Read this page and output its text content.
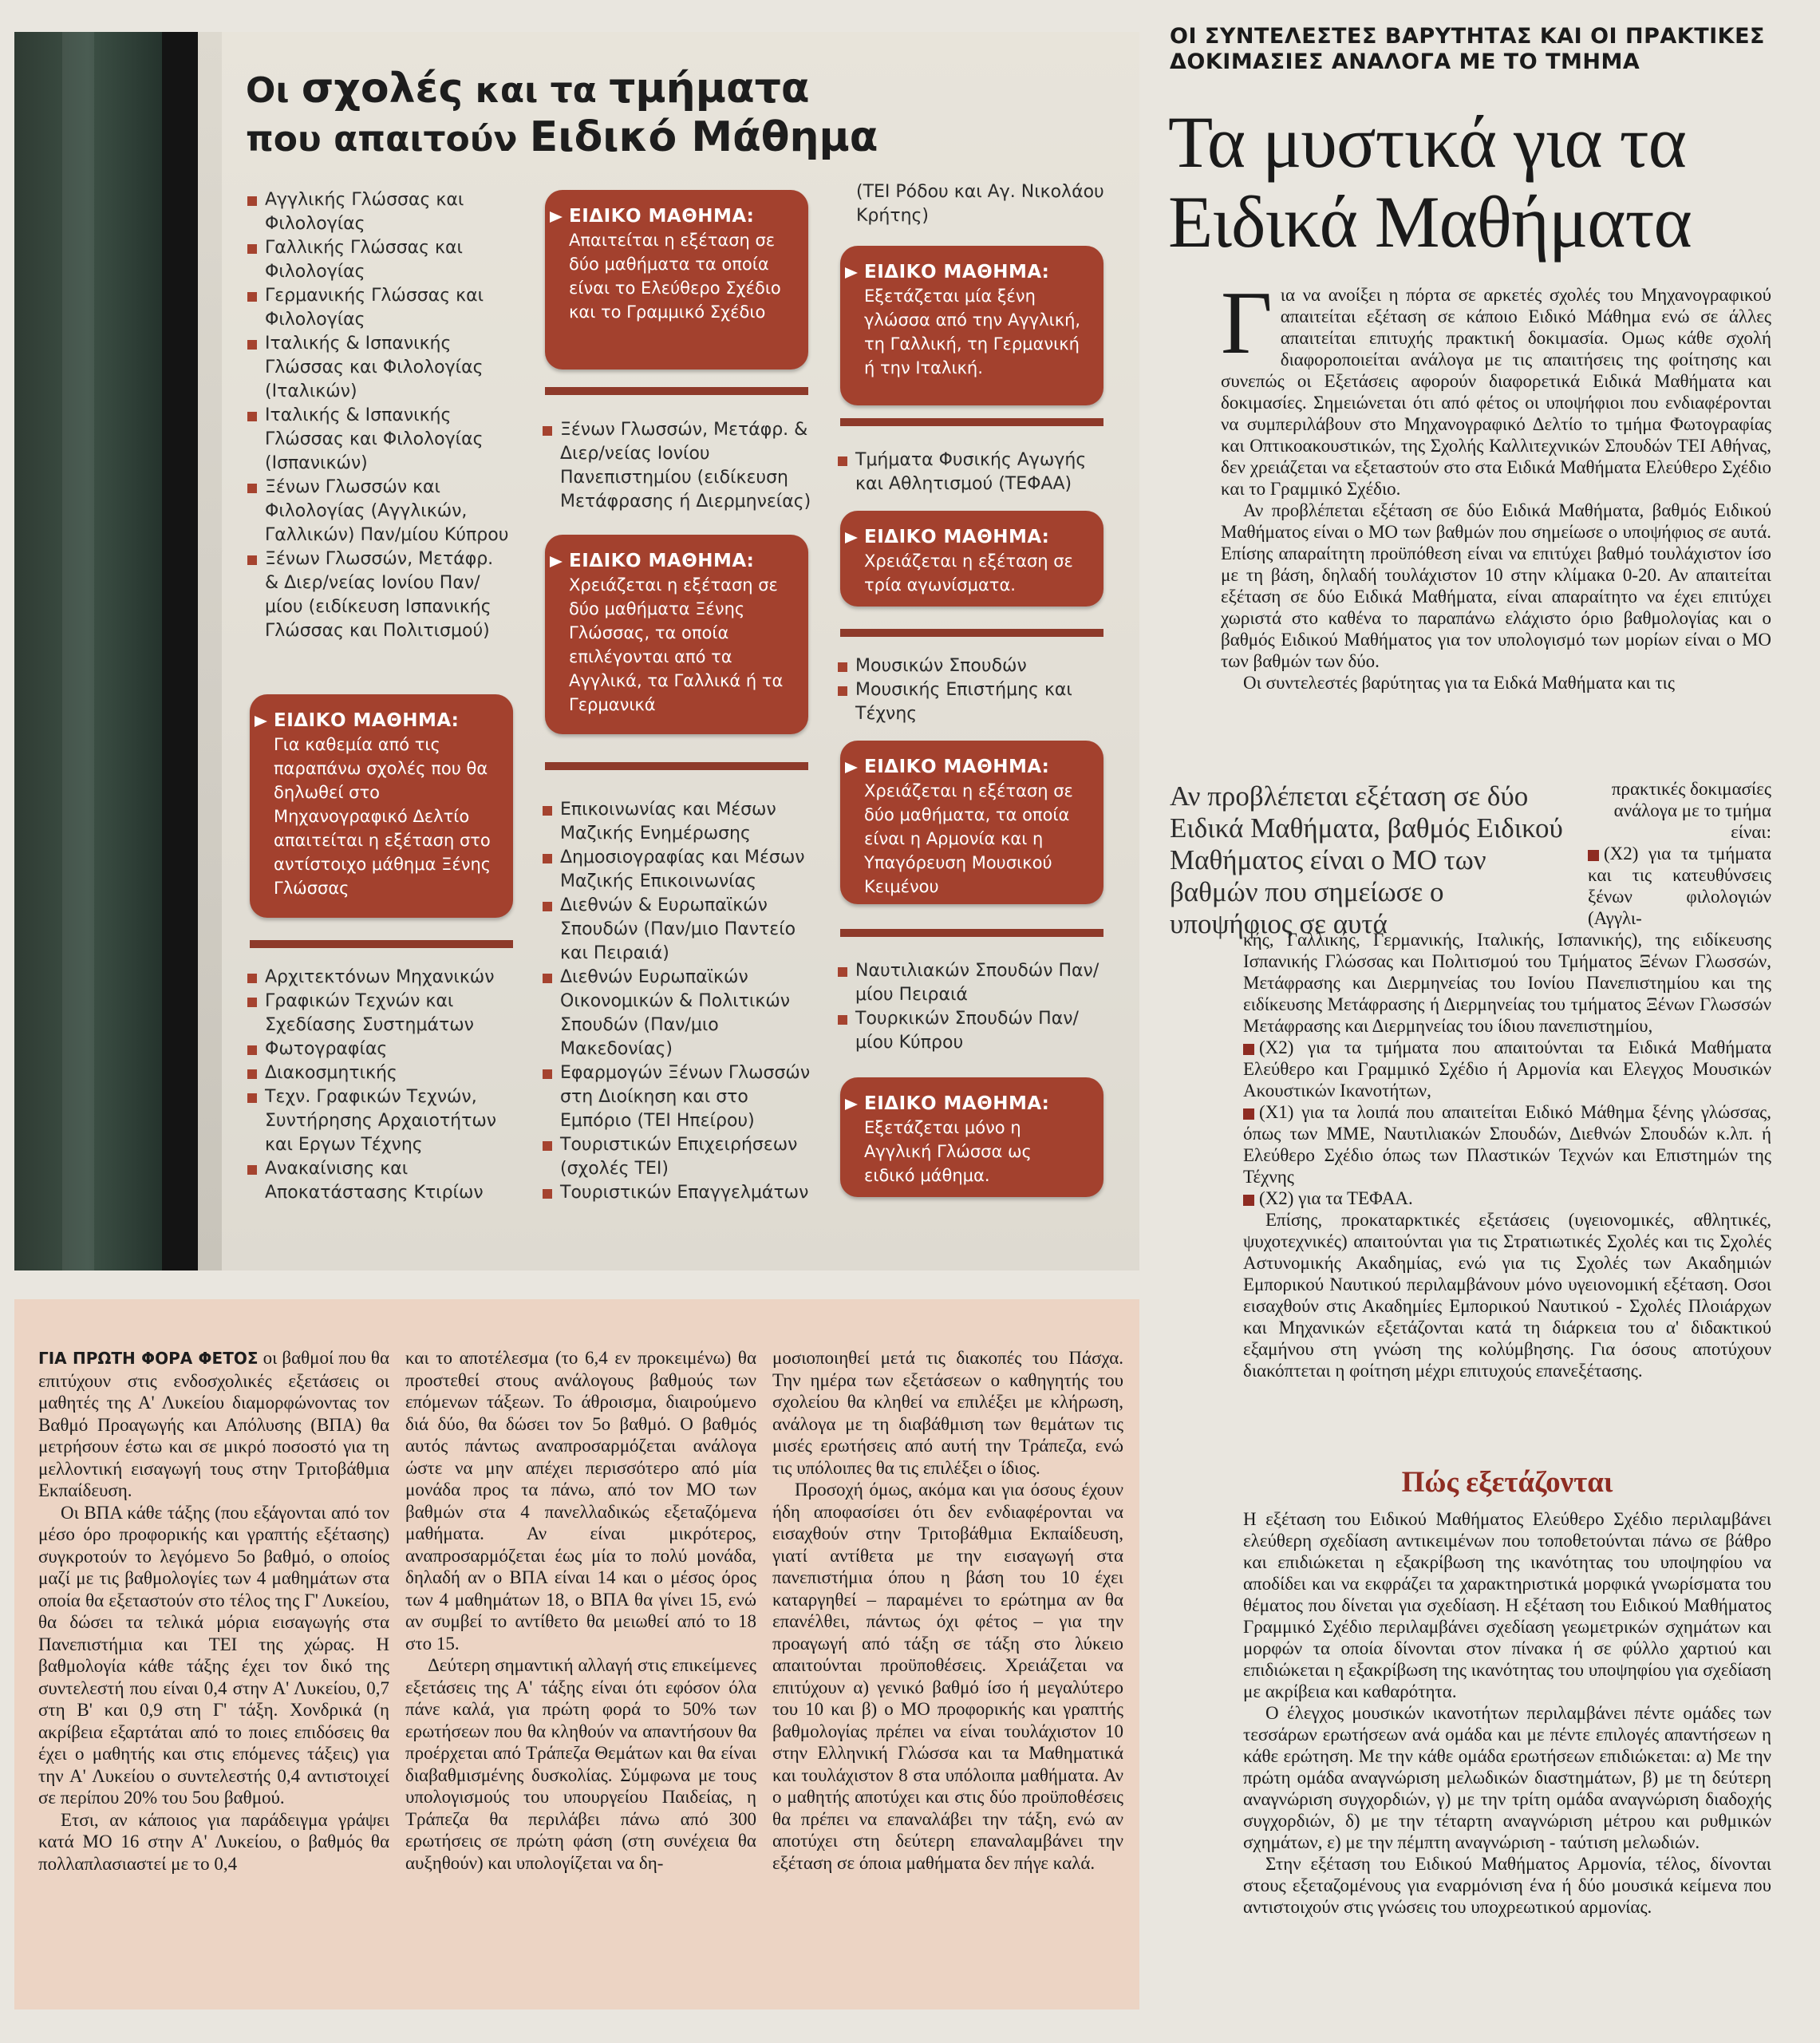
Οι σχολές και τα τμήματα
που απαιτούν Ειδικό Μάθημα

Αγγλικής Γλώσσας και Φιλολογίας

Γαλλικής Γλώσσας και Φιλολογίας

Γερμανικής Γλώσσας και Φιλολογίας

Ιταλικής & Ισπανικής Γλώσσας και Φιλολογίας (Ιταλικών)

Ιταλικής & Ισπανικής Γλώσσας και Φιλολογίας (Ισπανικών)

Ξένων Γλωσσών και Φιλολογίας (Αγγλικών, Γαλλικών) Παν/μίου Κύπρου

Ξένων Γλωσσών, Μετάφρ. & Διερ/νείας Ιονίου Παν/ μίου (ειδίκευση Ισπανικής Γλώσσας και Πολιτισμού)

ΕΙΔΙΚΟ ΜΑΘΗΜΑ:
Για καθεμία από τις παραπάνω σχολές που θα δηλωθεί στο Μηχανογραφικό Δελτίο απαιτείται η εξέταση στο αντίστοιχο μάθημα Ξένης Γλώσσας

Αρχιτεκτόνων Μηχανικών

Γραφικών Τεχνών και Σχεδίασης Συστημάτων

Φωτογραφίας

Διακοσμητικής

Τεχν. Γραφικών Τεχνών, Συντήρησης Αρχαιοτήτων και Εργων Τέχνης

Ανακαίνισης και Αποκατάστασης Κτιρίων

ΕΙΔΙΚΟ ΜΑΘΗΜΑ:
Απαιτείται η εξέταση σε δύο μαθήματα τα οποία είναι το Ελεύθερο Σχέδιο και το Γραμμικό Σχέδιο

Ξένων Γλωσσών, Μετάφρ. & Διερ/νείας Ιονίου Πανεπιστημίου (ειδίκευση Μετάφρασης ή Διερμηνείας)

ΕΙΔΙΚΟ ΜΑΘΗΜΑ:
Χρειάζεται η εξέταση σε δύο μαθήματα Ξένης Γλώσσας, τα οποία επιλέγονται από τα Αγγλικά, τα Γαλλικά ή τα Γερμανικά

Επικοινωνίας και Μέσων Μαζικής Ενημέρωσης

Δημοσιογραφίας και Μέσων Μαζικής Επικοινωνίας

Διεθνών & Ευρωπαϊκών Σπουδών (Παν/μιο Παντείο και Πειραιά)

Διεθνών Ευρωπαϊκών Οικονομικών & Πολιτικών Σπουδών (Παν/μιο Μακεδονίας)

Εφαρμογών Ξένων Γλωσσών στη Διοίκηση και στο Εμπόριο (ΤΕΙ Ηπείρου)

Τουριστικών Επιχειρήσεων (σχολές ΤΕΙ)

Τουριστικών Επαγγελμάτων

(ΤΕΙ Ρόδου και Αγ. Νικολάου Κρήτης)

ΕΙΔΙΚΟ ΜΑΘΗΜΑ:
Εξετάζεται μία ξένη γλώσσα από την Αγγλική, τη Γαλλική, τη Γερμανική ή την Ιταλική.

Τμήματα Φυσικής Αγωγής και Αθλητισμού (ΤΕΦΑΑ)

ΕΙΔΙΚΟ ΜΑΘΗΜΑ:
Χρειάζεται η εξέταση σε τρία αγωνίσματα.

Μουσικών Σπουδών

Μουσικής Επιστήμης και Τέχνης

ΕΙΔΙΚΟ ΜΑΘΗΜΑ:
Χρειάζεται η εξέταση σε δύο μαθήματα, τα οποία είναι η Αρμονία και η Υπαγόρευση Μουσικού Κειμένου

Ναυτιλιακών Σπουδών Παν/ μίου Πειραιά

Τουρκικών Σπουδών Παν/ μίου Κύπρου

ΕΙΔΙΚΟ ΜΑΘΗΜΑ:
Εξετάζεται μόνο η Αγγλική Γλώσσα ως ειδικό μάθημα.
ΟΙ ΣΥΝΤΕΛΕΣΤΕΣ ΒΑΡΥΤΗΤΑΣ ΚΑΙ ΟΙ ΠΡΑΚΤΙΚΕΣ ΔΟΚΙΜΑΣΙΕΣ ΑΝΑΛΟΓΑ ΜΕ ΤΟ ΤΜΗΜΑ
Τα μυστικά για τα Ειδικά Μαθήματα

Για να ανοίξει η πόρτα σε αρκετές σχολές του Μηχανογραφικού απαιτείται εξέταση σε κάποιο Ειδικό Μάθημα ενώ σε άλλες απαιτείται επιτυχής πρακτική δοκιμασία. Ομως κάθε σχολή διαφοροποιείται ανάλογα με τις απαιτήσεις της φοίτησης και συνεπώς οι Εξετάσεις αφορούν διαφορετικά Ειδικά Μαθήματα και δοκιμασίες. Σημειώνεται ότι από φέτος οι υποψήφιοι που ενδιαφέρονται να συμπεριλάβουν στο Μηχανογραφικό Δελτίο το τμήμα Φωτογραφίας και Οπτικοακουστικών, της Σχολής Καλλιτεχνικών Σπουδών ΤΕΙ Αθήνας, δεν χρειάζεται να εξεταστούν στο στα Ειδικά Μαθήματα Ελεύθερο Σχέδιο και το Γραμμικό Σχέδιο.

Αν προβλέπεται εξέταση σε δύο Ειδικά Μαθήματα, βαθμός Ειδικού Μαθήματος είναι ο ΜΟ των βαθμών που σημείωσε ο υποψήφιος σε αυτά. Επίσης απαραίτητη προϋπόθεση είναι να επιτύχει βαθμό τουλάχιστον ίσο με τη βάση, δηλαδή τουλάχιστον 10 στην κλίμακα 0-20. Αν απαιτείται εξέταση σε δύο Ειδικά Μαθήματα, είναι απαραίτητο να έχει επιτύχει χωριστά στο καθένα το παραπάνω ελάχιστο όριο βαθμολογίας και ο βαθμός Ειδικού Μαθήματος για τον υπολογισμό των μορίων είναι ο ΜΟ των βαθμών των δύο.

Οι συντελεστές βαρύτητας για τα Ειδκά Μαθήματα και τις

Αν προβλέπεται εξέταση σε δύο Ειδικά Μαθήματα, βαθμός Ειδικού Μαθήματος είναι ο ΜΟ των βαθμών που σημείωσε ο υποψήφιος σε αυτά

πρακτικές δοκιμασίες ανάλογα με το τμήμα είναι:

(Χ2) για τα τμήματα και τις κατευθύνσεις ξένων φιλολογιών (Αγγλι-

κής, Γαλλικής, Γερμανικής, Ιταλικής, Ισπανικής), της ειδίκευσης Ισπανικής Γλώσσας και Πολιτισμού του Τμήματος Ξένων Γλωσσών, Μετάφρασης και Διερμηνείας του Ιονίου Πανεπιστημίου και της ειδίκευσης Μετάφρασης ή Διερμηνείας του τμήματος Ξένων Γλωσσών Μετάφρασης και Διερμηνείας του ίδιου πανεπιστημίου,

(Χ2) για τα τμήματα που απαιτούνται τα Ειδικά Μαθήματα Ελεύθερο και Γραμμικό Σχέδιο ή Αρμονία και Ελεγχος Μουσικών Ακουστικών Ικανοτήτων,

(Χ1) για τα λοιπά που απαιτείται Ειδικό Μάθημα ξένης γλώσσας, όπως των ΜΜΕ, Ναυτιλιακών Σπουδών, Διεθνών Σπουδών κ.λπ. ή Ελεύθερο Σχέδιο όπως των Πλαστικών Τεχνών και Επιστημών της Τέχνης

(Χ2) για τα ΤΕΦΑΑ.

Επίσης, προκαταρκτικές εξετάσεις (υγειονομικές, αθλητικές, ψυχοτεχνικές) απαιτούνται για τις Στρατιωτικές Σχολές και τις Σχολές Αστυνομικής Ακαδημίας, ενώ για τις Σχολές των Ακαδημιών Εμπορικού Ναυτικού περιλαμβάνουν μόνο υγειονομική εξέταση. Οσοι εισαχθούν στις Ακαδημίες Εμπορικού Ναυτικού - Σχολές Πλοιάρχων και Μηχανικών εξετάζονται κατά τη διάρκεια του α' διδακτικού εξαμήνου στη γνώση της κολύμβησης. Για όσους αποτύχουν διακόπτεται η φοίτηση μέχρι επιτυχούς επανεξέτασης.

Πώς εξετάζονται

Η εξέταση του Ειδικού Μαθήματος Ελεύθερο Σχέδιο περιλαμβάνει ελεύθερη σχεδίαση αντικειμένων που τοποθετούνται πάνω σε βάθρο και επιδιώκεται η εξακρίβωση της ικανότητας του υποψηφίου να αποδίδει και να εκφράζει τα χαρακτηριστικά μορφικά γνωρίσματα του θέματος που δίνεται για σχεδίαση. Η εξέταση του Ειδικού Μαθήματος Γραμμικό Σχέδιο περιλαμβάνει σχεδίαση γεωμετρικών σχημάτων και μορφών τα οποία δίνονται στον πίνακα ή σε φύλλο χαρτιού και επιδιώκεται η εξακρίβωση της ικανότητας του υποψηφίου για σχεδίαση με ακρίβεια και καθαρότητα.

Ο έλεγχος μουσικών ικανοτήτων περιλαμβάνει πέντε ομάδες των τεσσάρων ερωτήσεων ανά ομάδα και με πέντε επιλογές απαντήσεων η κάθε ερώτηση. Με την κάθε ομάδα ερωτήσεων επιδιώκεται: α) Με την πρώτη ομάδα αναγνώριση μελωδικών διαστημάτων, β) με τη δεύτερη αναγνώριση συγχορδιών, γ) με την τρίτη ομάδα αναγνώριση διαδοχής συγχορδιών, δ) με την τέταρτη αναγνώριση μέτρου και ρυθμικών σχημάτων, ε) με την πέμπτη αναγνώριση - ταύτιση μελωδιών.

Στην εξέταση του Ειδικού Μαθήματος Αρμονία, τέλος, δίνονται στους εξεταζομένους για εναρμόνιση ένα ή δύο μουσικά κείμενα που αντιστοιχούν στις γνώσεις του υποχρεωτικού αρμονίας.

ΓΙΑ ΠΡΩΤΗ ΦΟΡΑ ΦΕΤΟΣ οι βαθμοί που θα επιτύχουν στις ενδοσχολικές εξετάσεις οι μαθητές της Α' Λυκείου διαμορφώνοντας τον Βαθμό Προαγωγής και Απόλυσης (ΒΠΑ) θα μετρήσουν έστω και σε μικρό ποσοστό για τη μελλοντική εισαγωγή τους στην Τριτοβάθμια Εκπαίδευση.

Οι ΒΠΑ κάθε τάξης (που εξάγονται από τον μέσο όρο προφορικής και γραπτής εξέτασης) συγκροτούν το λεγόμενο 5ο βαθμό, ο οποίος μαζί με τις βαθμολογίες των 4 μαθημάτων στα οποία θα εξεταστούν στο τέλος της Γ' Λυκείου, θα δώσει τα τελικά μόρια εισαγωγής στα Πανεπιστήμια και ΤΕΙ της χώρας. Η βαθμολογία κάθε τάξης έχει τον δικό της συντελεστή που είναι 0,4 στην Α' Λυκείου, 0,7 στη Β' και 0,9 στη Γ' τάξη. Χονδρικά (η ακρίβεια εξαρτάται από το ποιες επιδόσεις θα έχει ο μαθητής και στις επόμενες τάξεις) για την Α' Λυκείου ο συντελεστής 0,4 αντιστοιχεί σε περίπου 20% του 5ου βαθμού.

Ετσι, αν κάποιος για παράδειγμα γράψει κατά ΜΟ 16 στην Α' Λυκείου, ο βαθμός θα πολλαπλασιαστεί με το 0,4

και το αποτέλεσμα (το 6,4 εν προκειμένω) θα προστεθεί στους ανάλογους βαθμούς των επόμενων τάξεων. Το άθροισμα, διαιρούμενο διά δύο, θα δώσει τον 5ο βαθμό. Ο βαθμός αυτός πάντως αναπροσαρμόζεται ανάλογα ώστε να μην απέχει περισσότερο από μία μονάδα προς τα πάνω, από τον ΜΟ των βαθμών στα 4 πανελλαδικώς εξεταζόμενα μαθήματα. Αν είναι μικρότερος, αναπροσαρμόζεται έως μία το πολύ μονάδα, δηλαδή αν ο ΒΠΑ είναι 14 και ο μέσος όρος των 4 μαθημάτων 18, ο ΒΠΑ θα γίνει 15, ενώ αν συμβεί το αντίθετο θα μειωθεί από το 18 στο 15.

Δεύτερη σημαντική αλλαγή στις επικείμενες εξετάσεις της Α' τάξης είναι ότι εφόσον όλα πάνε καλά, για πρώτη φορά το 50% των ερωτήσεων που θα κληθούν να απαντήσουν θα προέρχεται από Τράπεζα Θεμάτων και θα είναι διαβαθμισμένης δυσκολίας. Σύμφωνα με τους υπολογισμούς του υπουργείου Παιδείας, η Τράπεζα θα περιλάβει πάνω από 300 ερωτήσεις σε πρώτη φάση (στη συνέχεια θα αυξηθούν) και υπολογίζεται να δη-

μοσιοποιηθεί μετά τις διακοπές του Πάσχα. Την ημέρα των εξετάσεων ο καθηγητής του σχολείου θα κληθεί να επιλέξει με κλήρωση, ανάλογα με τη διαβάθμιση των θεμάτων τις μισές ερωτήσεις από αυτή την Τράπεζα, ενώ τις υπόλοιπες θα τις επιλέξει ο ίδιος.

Προσοχή όμως, ακόμα και για όσους έχουν ήδη αποφασίσει ότι δεν ενδιαφέρονται να εισαχθούν στην Τριτοβάθμια Εκπαίδευση, γιατί αντίθετα με την εισαγωγή στα πανεπιστήμια όπου η βάση του 10 έχει καταργηθεί – παραμένει το ερώτημα αν θα επανέλθει, πάντως όχι φέτος – για την προαγωγή από τάξη σε τάξη στο λύκειο απαιτούνται προϋποθέσεις. Χρειάζεται να επιτύχουν α) γενικό βαθμό ίσο ή μεγαλύτερο του 10 και β) ο ΜΟ προφορικής και γραπτής βαθμολογίας πρέπει να είναι τουλάχιστον 10 στην Ελληνική Γλώσσα και τα Μαθηματικά και τουλάχιστον 8 στα υπόλοιπα μαθήματα. Αν ο μαθητής αποτύχει και στις δύο προϋποθέσεις θα πρέπει να επαναλάβει την τάξη, ενώ αν αποτύχει στη δεύτερη επαναλαμβάνει την εξέταση σε όποια μαθήματα δεν πήγε καλά.
